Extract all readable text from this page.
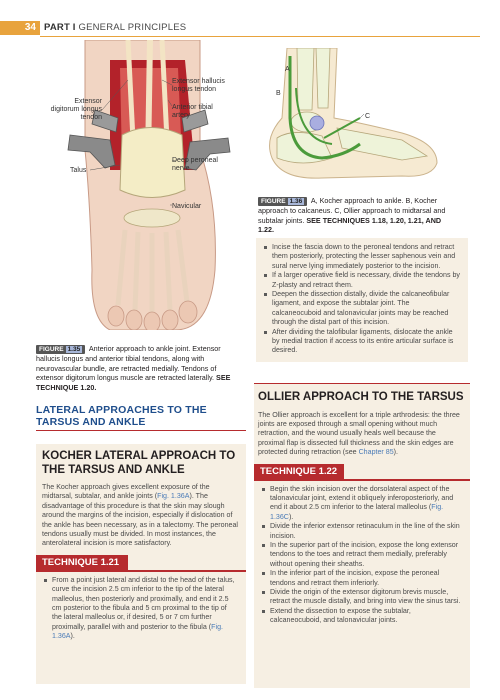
34 PART I GENERAL PRINCIPLES
Extensor hallucis longus tendon
Extensor digitorum longus tendon
Anterior tibial artery
Talus
Deep peroneal nerve
Navicular
FIGURE 1.35 Anterior approach to ankle joint. Extensor hallucis longus and anterior tibial tendons, along with neurovascular bundle, are retracted medially. Tendons of extensor digitorum longus muscle are retracted laterally. SEE TECHNIQUE 1.20.
A
B
C
FIGURE 1.36 A, Kocher approach to ankle. B, Kocher approach to calcaneus. C, Ollier approach to midtarsal and subtalar joints. SEE TECHNIQUES 1.18, 1.20, 1.21, AND 1.22.
Incise the fascia down to the peroneal tendons and retract them posteriorly, protecting the lesser saphenous vein and sural nerve lying immediately posterior to the incision.
If a larger operative field is necessary, divide the tendons by Z-plasty and retract them.
Deepen the dissection distally, divide the calcaneofibular ligament, and expose the subtalar joint. The calcaneocuboid and talonavicular joints may be reached through the distal part of this incision.
After dividing the talofibular ligaments, dislocate the ankle by medial traction if access to its entire articular surface is desired.
LATERAL APPROACHES TO THE TARSUS AND ANKLE
KOCHER LATERAL APPROACH TO THE TARSUS AND ANKLE

The Kocher approach gives excellent exposure of the midtarsal, subtalar, and ankle joints (Fig. 1.36A). The disadvantage of this procedure is that the skin may slough around the margins of the incision, especially if dislocation of the ankle has been necessary, as in a talectomy. The peroneal tendons usually must be divided. In most instances, the anterolateral incision is more satisfactory.

TECHNIQUE 1.21
From a point just lateral and distal to the head of the talus, curve the incision 2.5 cm inferior to the tip of the lateral malleolus, then posteriorly and proximally, and end it 2.5 cm posterior to the fibula and 5 cm proximal to the tip of the lateral malleolus or, if desired, 5 or 7 cm further proximally, parallel with and posterior to the fibula (Fig. 1.36A).
OLLIER APPROACH TO THE TARSUS

The Ollier approach is excellent for a triple arthrodesis: the three joints are exposed through a small opening without much retraction, and the wound usually heals well because the proximal flap is dissected full thickness and the skin edges are protected during retraction (see Chapter 85).

TECHNIQUE 1.22
Begin the skin incision over the dorsolateral aspect of the talonavicular joint, extend it obliquely inferoposteriorly, and end it about 2.5 cm inferior to the lateral malleolus (Fig. 1.36C).
Divide the inferior extensor retinaculum in the line of the skin incision.
In the superior part of the incision, expose the long extensor tendons to the toes and retract them medially, preferably without opening their sheaths.
In the inferior part of the incision, expose the peroneal tendons and retract them inferiorly.
Divide the origin of the extensor digitorum brevis muscle, retract the muscle distally, and bring into view the sinus tarsi.
Extend the dissection to expose the subtalar, calcaneocuboid, and talonavicular joints.
